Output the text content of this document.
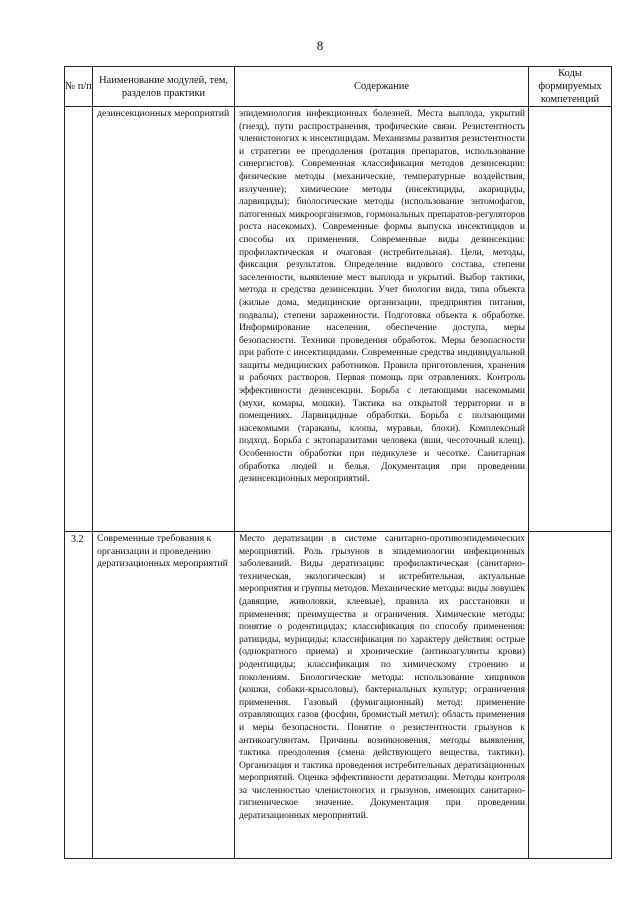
8
№ п/п	Наименование модулей, тем, разделов практики	Содержание	Коды формируемых компетенций
	дезинсекционных мероприятий	эпидемиология инфекционных болезней. Места выплода, укрытий (гнезд), пути распространения, трофические связи. Резистентность членистоногих к инсектицидам. Механизмы развития резистентности и стратегии ее преодоления (ротация препаратов, использование синергистов). Современная классификация методов дезинсекции: физические методы (механические, температурные воздействия, излучение); химические методы (инсектициды, акарициды, ларвициды); биологические методы (использование энтомофагов, патогенных микроорганизмов, гормональных препаратов-регуляторов роста насекомых). Современные формы выпуска инсектицидов и способы их применения. Современные виды дезинсекции: профилактическая и очаговая (истребительная). Цели, методы, фиксация результатов. Определение видового состава, степени заселенности, выявление мест выплода и укрытий. Выбор тактики, метода и средства дезинсекции. Учет биологии вида, типа объекта (жилые дома, медицинские организации, предприятия питания, подвалы), степени зараженности. Подготовка объекта к обработке. Информирование населения, обеспечение доступа, меры безопасности. Техники проведения обработок. Меры безопасности при работе с инсектицидами. Современные средства индивидуальной защиты медицинских работников. Правила приготовления, хранения и рабочих растворов. Первая помощь при отравлениях. Контроль эффективности дезинсекции. Борьба с летающими насекомыми (мухи, комары, мошки). Тактика на открытой территории и в помещениях. Ларвицидные обработки. Борьба с ползающими насекомыми (тараканы, клопы, муравьи, блохи). Комплексный подход. Борьба с эктопаразитами человека (вши, чесоточный клещ). Особенности обработки при педикулезе и чесотке. Санитарная обработка людей и белья. Документация при проведении дезинсекционных мероприятий.	

3.2	Современные требования к организации и проведению дератизационных мероприятий	Место дератизации в системе санитарно-противоэпидемических мероприятий. Роль грызунов в эпидемиологии инфекционных заболеваний. Виды дератизации: профилактическая (санитарно-техническая, экологическая) и истребительная, актуальные мероприятия и группы методов. Механические методы: виды ловушек (давящие, живоловки, клеевые), правила их расстановки и применения; преимущества и ограничения. Химические методы: понятие о родентицидах; классификация по способу применения: ратициды, мурициды; классификация по характеру действия: острые (однократного приема) и хронические (антикоагулянты крови) родентициды; классификация по химическому строению и поколениям. Биологические методы: использование хищников (кошки, собаки-крысоловы), бактериальных культур; ограничения применения. Газовый (фумигационный) метод: применение отравляющих газов (фосфин, бромистый метил); область применения и меры безопасности. Понятие о резистентности грызунов к антикоагулянтам. Причины возникновения, методы выявления, тактика преодоления (смена действующего вещества, тактики). Организация и тактика проведения истребительных дератизационных мероприятий. Оценка эффективности дератизации. Методы контроля за численностью членистоногих и грызунов, имеющих санитарно-гигиеническое значение. Документация при проведении дератизационных мероприятий.	
